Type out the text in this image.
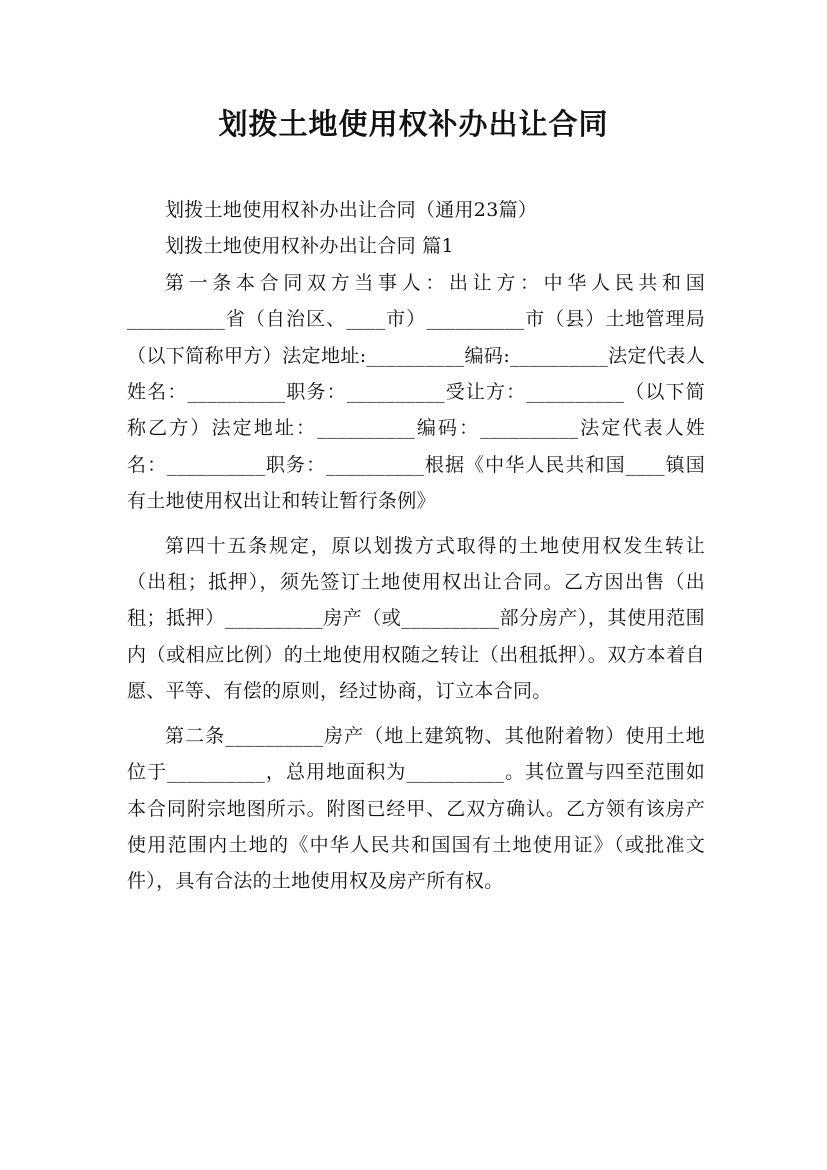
划拨土地使用权补办出让合同

划拨土地使用权补办出让合同（通用23篇）

划拨土地使用权补办出让合同 篇1

第一条本合同双方当事人：出让方：中华人民共和国__________省（自治区、____市）__________市（县）土地管理局（以下简称甲方）法定地址:__________编码:__________法定代表人姓名：__________职务：__________受让方：__________（以下简称乙方）法定地址：__________编码：__________法定代表人姓名：__________职务：__________根据《中华人民共和国____镇国有土地使用权出让和转让暂行条例》

第四十五条规定，原以划拨方式取得的土地使用权发生转让（出租；抵押），须先签订土地使用权出让合同。乙方因出售（出租；抵押）__________房产（或__________部分房产），其使用范围内（或相应比例）的土地使用权随之转让（出租抵押）。双方本着自愿、平等、有偿的原则，经过协商，订立本合同。

第二条__________房产（地上建筑物、其他附着物）使用土地位于__________，总用地面积为__________。其位置与四至范围如本合同附宗地图所示。附图已经甲、乙双方确认。乙方领有该房产使用范围内土地的《中华人民共和国国有土地使用证》（或批准文件），具有合法的土地使用权及房产所有权。
